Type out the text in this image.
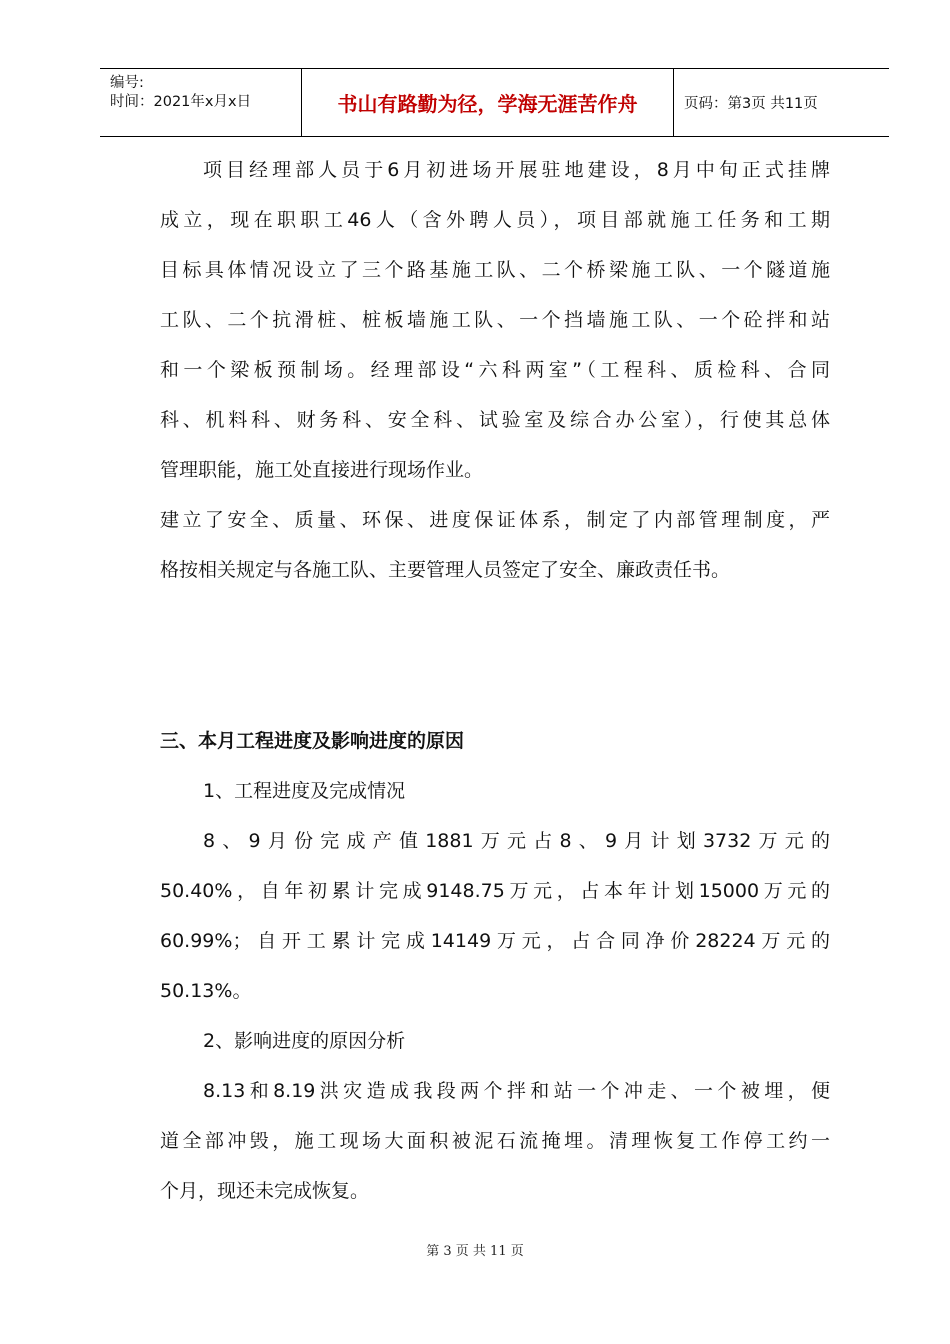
编号:
时间：2021年x月x日	书山有路勤为径，学海无涯苦作舟	页码：第3页 共11页

项目经理部人员于6月初进场开展驻地建设，8月中旬正式挂牌

成立，现在职职工46人（含外聘人员），项目部就施工任务和工期

目标具体情况设立了三个路基施工队、二个桥梁施工队、一个隧道施

工队、二个抗滑桩、桩板墙施工队、一个挡墙施工队、一个砼拌和站

和一个梁板预制场。经理部设“六科两室”（工程科、质检科、合同

科、机料科、财务科、安全科、试验室及综合办公室），行使其总体

管理职能，施工处直接进行现场作业。

建立了安全、质量、环保、进度保证体系，制定了内部管理制度，严

格按相关规定与各施工队、主要管理人员签定了安全、廉政责任书。

三、本月工程进度及影响进度的原因

1、工程进度及完成情况

8、9月份完成产值1881万元占8、9月计划3732万元的

50.40%，自年初累计完成9148.75万元，占本年计划15000万元的

60.99%；自开工累计完成14149万元，占合同净价28224万元的

50.13%。

2、影响进度的原因分析

8.13和8.19洪灾造成我段两个拌和站一个冲走、一个被埋，便

道全部冲毁，施工现场大面积被泥石流掩埋。清理恢复工作停工约一

个月，现还未完成恢复。

第 3 页 共 11 页
